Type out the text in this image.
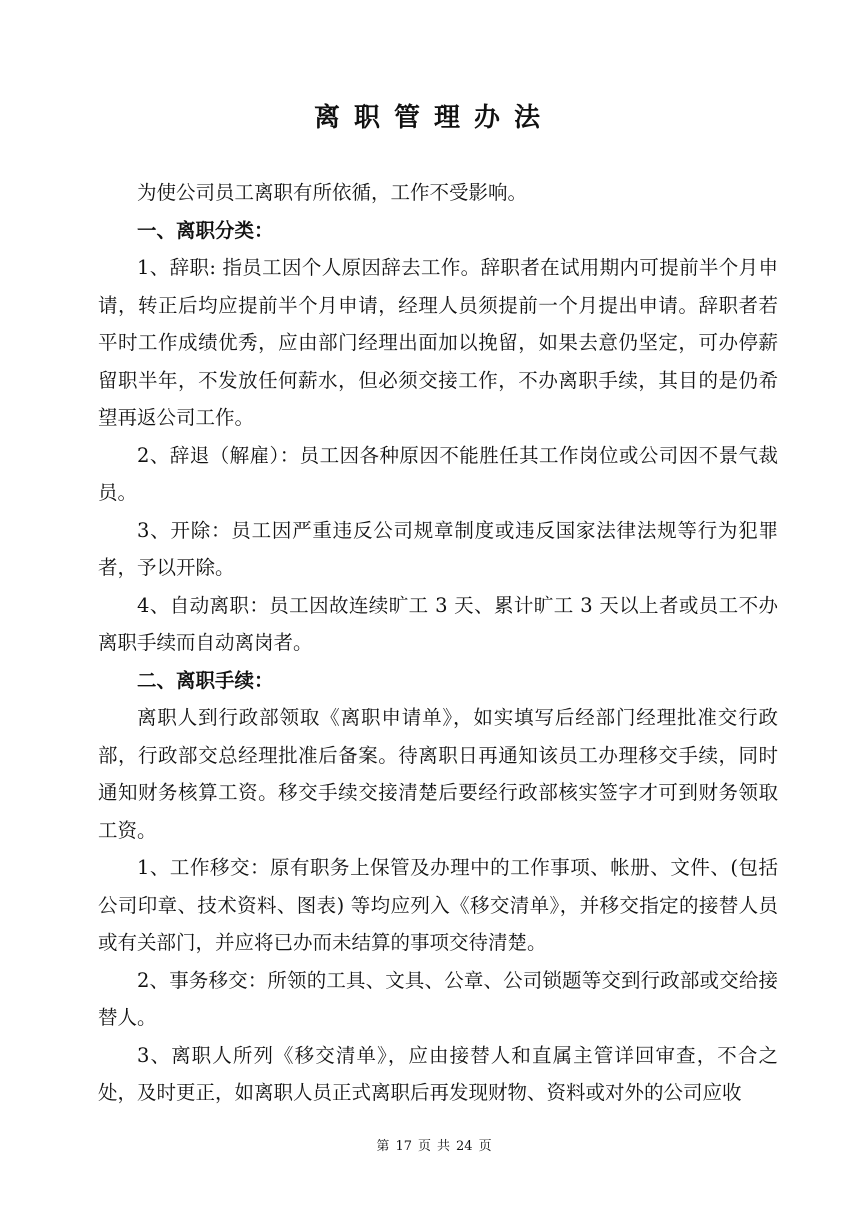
离职管理办法

为使公司员工离职有所依循，工作不受影响。

一、离职分类：

1、辞职: 指员工因个人原因辞去工作。辞职者在试用期内可提前半个月申请，转正后均应提前半个月申请，经理人员须提前一个月提出申请。辞职者若平时工作成绩优秀，应由部门经理出面加以挽留，如果去意仍坚定，可办停薪留职半年，不发放任何薪水，但必须交接工作，不办离职手续，其目的是仍希望再返公司工作。

2、辞退（解雇）：员工因各种原因不能胜任其工作岗位或公司因不景气裁员。

3、开除：员工因严重违反公司规章制度或违反国家法律法规等行为犯罪者，予以开除。

4、自动离职：员工因故连续旷工 3 天、累计旷工 3 天以上者或员工不办离职手续而自动离岗者。

二、离职手续：

离职人到行政部领取《离职申请单》，如实填写后经部门经理批准交行政部，行政部交总经理批准后备案。待离职日再通知该员工办理移交手续，同时通知财务核算工资。移交手续交接清楚后要经行政部核实签字才可到财务领取工资。

1、工作移交：原有职务上保管及办理中的工作事项、帐册、文件、(包括公司印章、技术资料、图表) 等均应列入《移交清单》，并移交指定的接替人员或有关部门，并应将已办而未结算的事项交待清楚。

2、事务移交：所领的工具、文具、公章、公司锁题等交到行政部或交给接替人。

3、离职人所列《移交清单》，应由接替人和直属主管详回审查，不合之处，及时更正，如离职人员正式离职后再发现财物、资料或对外的公司应收

第 17 页 共 24 页
